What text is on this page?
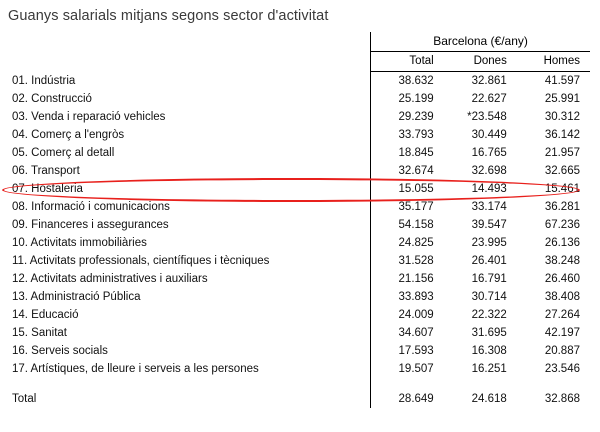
Guanys salarials mitjans segons sector d'activitat
	Barcelona (€/any)		
	Total	Dones	Homes
01. Indústria	38.632	32.861	41.597
02. Construcció	25.199	22.627	25.991
03. Venda i reparació vehicles	29.239	*23.548	30.312
04. Comerç a l'engròs	33.793	30.449	36.142
05. Comerç al detall	18.845	16.765	21.957
06. Transport	32.674	32.698	32.665
07. Hostaleria	15.055	14.493	15.461
08. Informació i comunicacions	35.177	33.174	36.281
09. Financeres i assegurances	54.158	39.547	67.236
10. Activitats immobiliàries	24.825	23.995	26.136
11. Activitats professionals, científiques i tècniques	31.528	26.401	38.248
12. Activitats administratives i auxiliars	21.156	16.791	26.460
13. Administració Pública	33.893	30.714	38.408
14. Educació	24.009	22.322	27.264
15. Sanitat	34.607	31.695	42.197
16. Serveis socials	17.593	16.308	20.887
17. Artístiques, de lleure i serveis a les persones	19.507	16.251	23.546

Total	28.649	24.618	32.868
